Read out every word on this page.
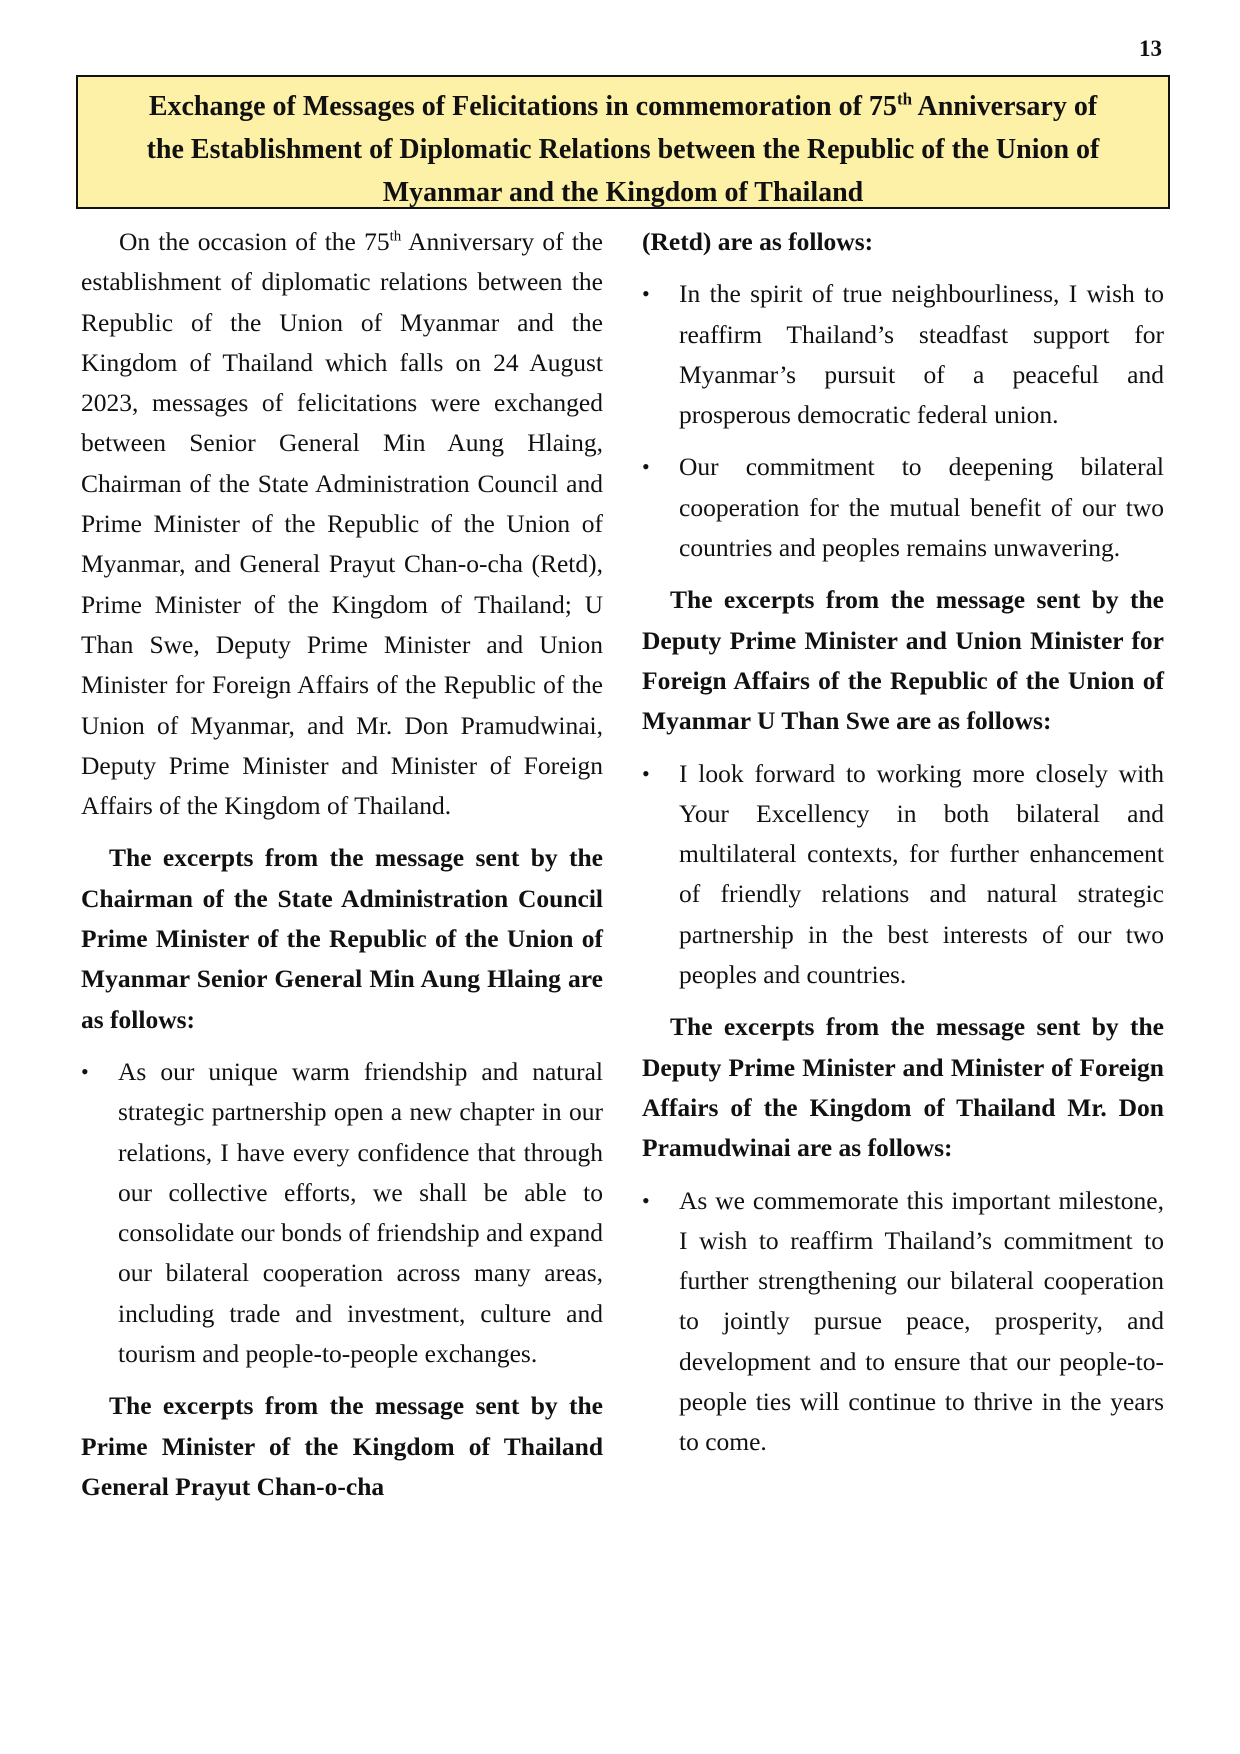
13
Exchange of Messages of Felicitations in commemoration of 75th Anniversary of
the Establishment of Diplomatic Relations between the Republic of the Union of
Myanmar and the Kingdom of Thailand

On the occasion of the 75th Anniversary of the establishment of diplomatic relations between the Republic of the Union of Myanmar and the Kingdom of Thailand which falls on 24 August 2023, messages of felicitations were exchanged between Senior General Min Aung Hlaing, Chairman of the State Administration Council and Prime Minister of the Republic of the Union of Myanmar, and General Prayut Chan-o-cha (Retd), Prime Minister of the Kingdom of Thailand; U Than Swe, Deputy Prime Minister and Union Minister for Foreign Affairs of the Republic of the Union of Myanmar, and Mr. Don Pramudwinai, Deputy Prime Minister and Minister of Foreign Affairs of the Kingdom of Thailand.

The excerpts from the message sent by the Chairman of the State Administration Council Prime Minister of the Republic of the Union of Myanmar Senior General Min Aung Hlaing are as follows:

• As our unique warm friendship and natural strategic partnership open a new chapter in our relations, I have every confidence that through our collective efforts, we shall be able to consolidate our bonds of friendship and expand our bilateral cooperation across many areas, including trade and investment, culture and tourism and people-to-people exchanges.

The excerpts from the message sent by the Prime Minister of the Kingdom of Thailand General Prayut Chan-o-cha

(Retd) are as follows:

• In the spirit of true neighbourliness, I wish to reaffirm Thailand’s steadfast support for Myanmar’s pursuit of a peaceful and prosperous democratic federal union.
• Our commitment to deepening bilateral cooperation for the mutual benefit of our two countries and peoples remains unwavering.

The excerpts from the message sent by the Deputy Prime Minister and Union Minister for Foreign Affairs of the Republic of the Union of Myanmar U Than Swe are as follows:

• I look forward to working more closely with Your Excellency in both bilateral and multilateral contexts, for further enhancement of friendly relations and natural strategic partnership in the best interests of our two peoples and countries.

The excerpts from the message sent by the Deputy Prime Minister and Minister of Foreign Affairs of the Kingdom of Thailand Mr. Don Pramudwinai are as follows:

• As we commemorate this important milestone, I wish to reaffirm Thailand’s commitment to further strengthening our bilateral cooperation to jointly pursue peace, prosperity, and development and to ensure that our people-to-people ties will continue to thrive in the years to come.
